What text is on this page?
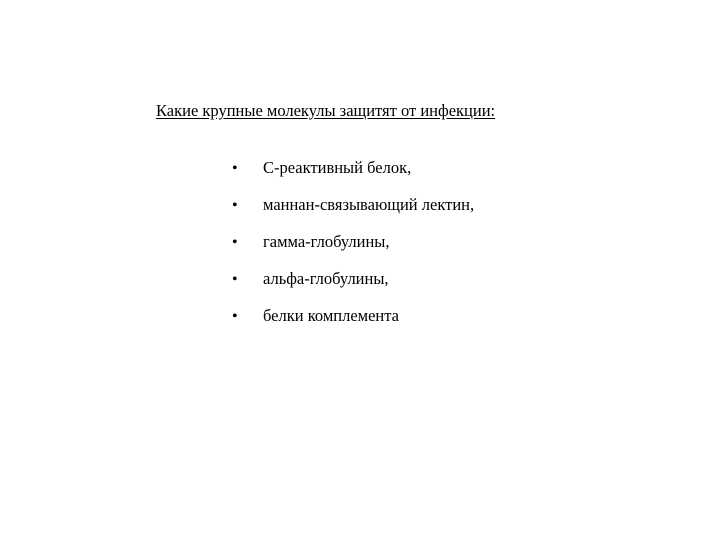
Какие крупные молекулы защитят от инфекции:
•	С-реактивный белок,
•	маннан-связывающий лектин,
•	гамма-глобулины,
•	альфа-глобулины,
•	белки комплемента
